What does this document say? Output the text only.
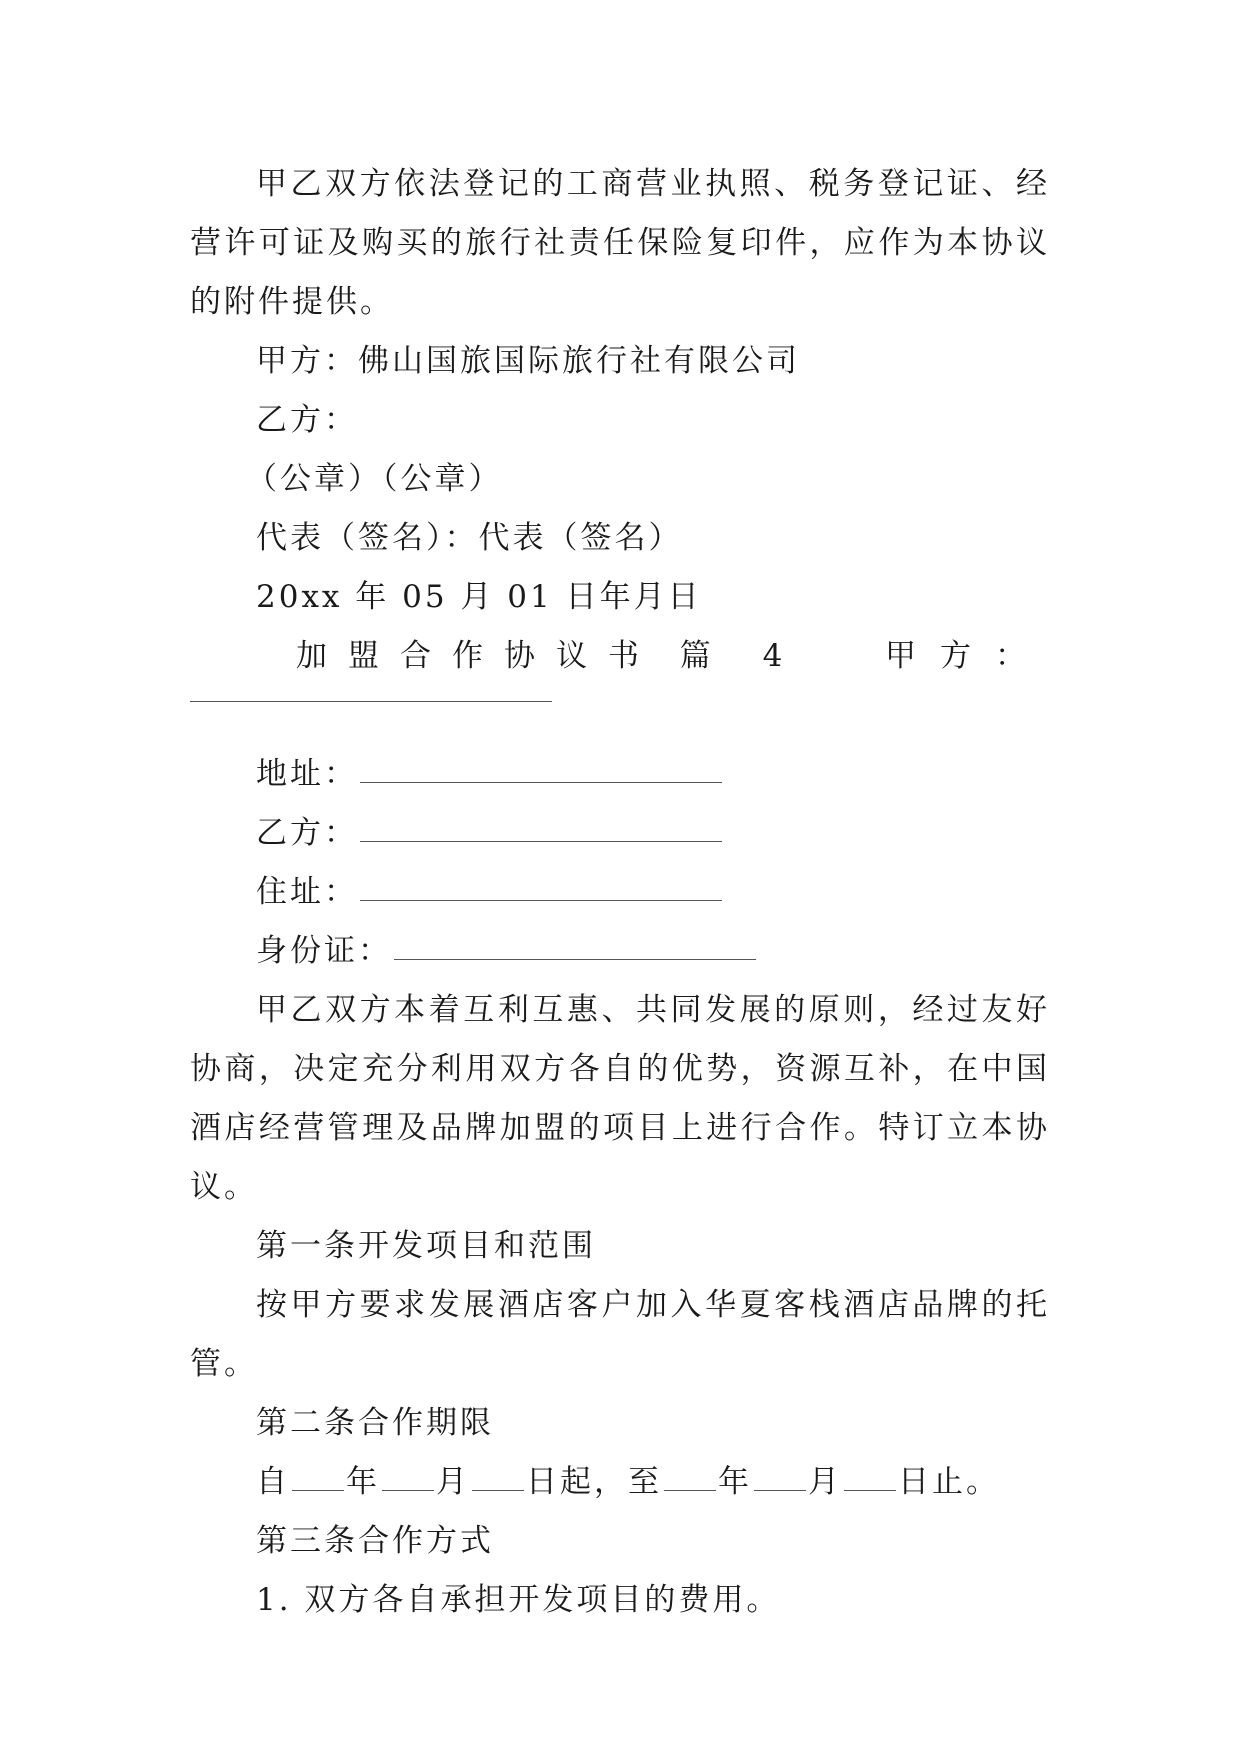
甲乙双方依法登记的工商营业执照、税务登记证、经营许可证及购买的旅行社责任保险复印件，应作为本协议的附件提供。

甲方：佛山国旅国际旅行社有限公司

乙方：

（公章）（公章）

代表（签名）：代表（签名）

20xx 年 05 月 01 日年月日

加盟合作协议书 篇 4	甲方：

地址：

乙方：

住址：

身份证：

甲乙双方本着互利互惠、共同发展的原则，经过友好协商，决定充分利用双方各自的优势，资源互补，在中国酒店经营管理及品牌加盟的项目上进行合作。特订立本协议。

第一条开发项目和范围

按甲方要求发展酒店客户加入华夏客栈酒店品牌的托管。

第二条合作期限

自 年 月 日起，至 年 月 日止。

第三条合作方式

1. 双方各自承担开发项目的费用。
